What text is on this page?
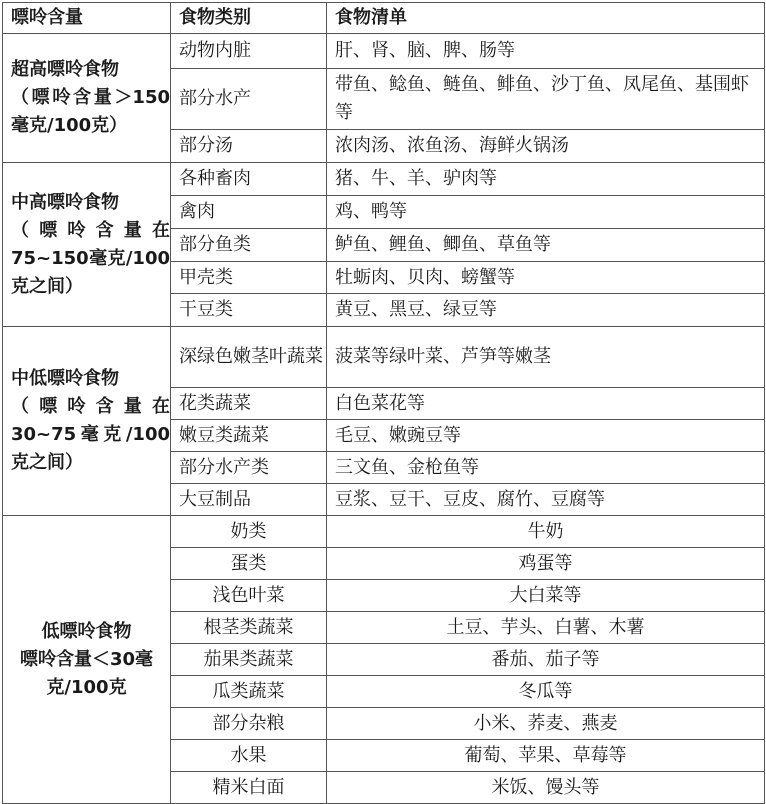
嘌呤含量	食物类别	食物清单

超高嘌呤食物
（嘌呤含量＞150毫克/100克）	动物内脏	肝、肾、脑、脾、肠等
	部分水产	带鱼、鲶鱼、鲢鱼、鲱鱼、沙丁鱼、凤尾鱼、基围虾等
	部分汤	浓肉汤、浓鱼汤、海鲜火锅汤

中高嘌呤食物
（嘌呤含量在75~150毫克/100克之间）	各种畜肉	猪、牛、羊、驴肉等
	禽肉	鸡、鸭等
	部分鱼类	鲈鱼、鲤鱼、鲫鱼、草鱼等
	甲壳类	牡蛎肉、贝肉、螃蟹等
	干豆类	黄豆、黑豆、绿豆等

中低嘌呤食物
（嘌呤含量在30~75毫克/100克之间）	深绿色嫩茎叶蔬菜	菠菜等绿叶菜、芦笋等嫩茎
	花类蔬菜	白色菜花等
	嫩豆类蔬菜	毛豆、嫩豌豆等
	部分水产类	三文鱼、金枪鱼等
	大豆制品	豆浆、豆干、豆皮、腐竹、豆腐等

低嘌呤食物
嘌呤含量＜30毫克/100克	奶类	牛奶
	蛋类	鸡蛋等
	浅色叶菜	大白菜等
	根茎类蔬菜	土豆、芋头、白薯、木薯
	茄果类蔬菜	番茄、茄子等
	瓜类蔬菜	冬瓜等
	部分杂粮	小米、荞麦、燕麦
	水果	葡萄、苹果、草莓等
	精米白面	米饭、馒头等
